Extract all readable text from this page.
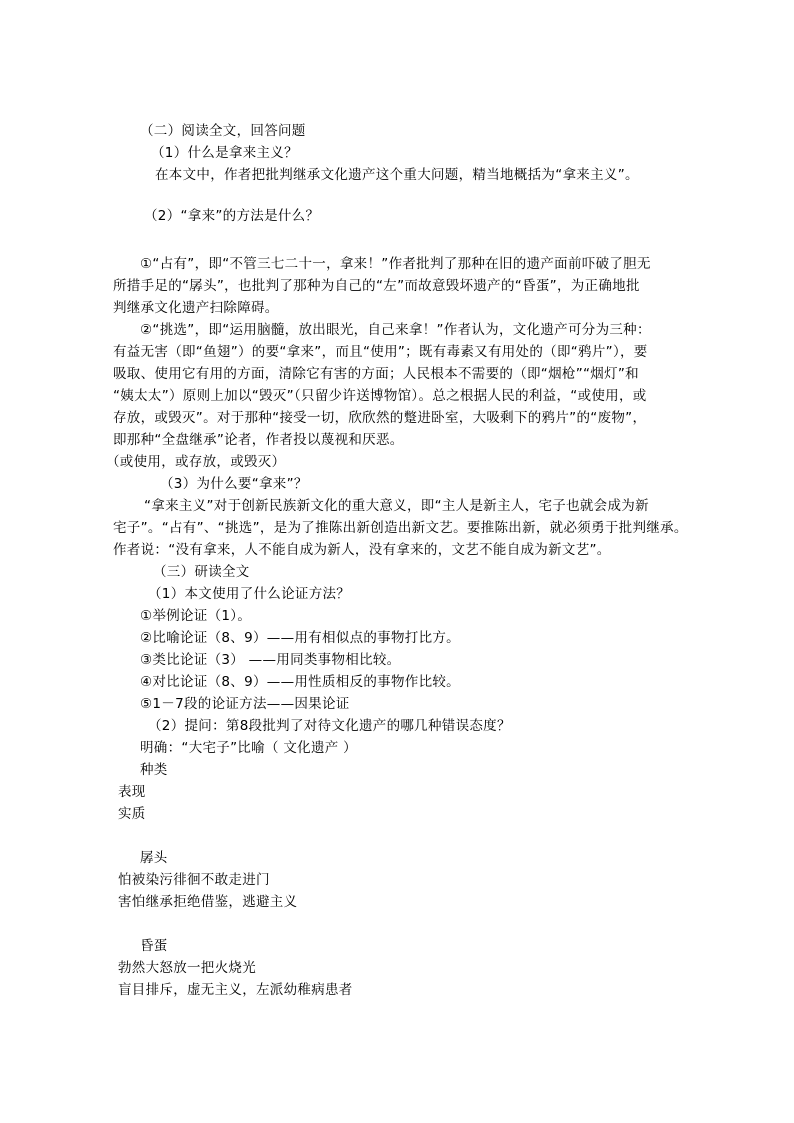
（二）阅读全文，回答问题
（1）什么是拿来主义？
在本文中，作者把批判继承文化遗产这个重大问题，精当地概括为“拿来主义”。
（2）“拿来”的方法是什么？
①“占有”，即“不管三七二十一，拿来！”作者批判了那种在旧的遗产面前吓破了胆无
所措手足的“孱头”，也批判了那种为自己的“左”而故意毁坏遗产的“昏蛋”，为正确地批
判继承文化遗产扫除障碍。
②“挑选”，即“运用脑髓，放出眼光，自己来拿！”作者认为，文化遗产可分为三种：
有益无害（即“鱼翅”）的要“拿来”，而且“使用”；既有毒素又有用处的（即“鸦片”），要
吸取、使用它有用的方面，清除它有害的方面；人民根本不需要的（即“烟枪”“烟灯”和
“姨太太”）原则上加以“毁灭”（只留少许送博物馆）。总之根据人民的利益，“或使用，或
存放，或毁灭”。对于那种“接受一切，欣欣然的蹩进卧室，大吸剩下的鸦片”的“废物”，
即那种“全盘继承”论者，作者投以蔑视和厌恶。
（或使用，或存放，或毁灭）
（3）为什么要“拿来”？
“拿来主义”对于创新民族新文化的重大意义，即“主人是新主人，宅子也就会成为新
宅子”。“占有”、“挑选”，是为了推陈出新创造出新文艺。要推陈出新，就必须勇于批判继承。
作者说：“没有拿来，人不能自成为新人，没有拿来的，文艺不能自成为新文艺”。
（三）研读全文
（1）本文使用了什么论证方法？
①举例论证（1）。
②比喻论证（8、9）——用有相似点的事物打比方。
③类比论证（3） ——用同类事物相比较。
④对比论证（8、9）——用性质相反的事物作比较。
⑤1－7段的论证方法——因果论证
（2）提问：第8段批判了对待文化遗产的哪几种错误态度？
明确：“大宅子”比喻（ 文化遗产 ）
种类
表现
实质
孱头
怕被染污徘徊不敢走进门
害怕继承拒绝借鉴，逃避主义
昏蛋
勃然大怒放一把火烧光
盲目排斥，虚无主义，左派幼稚病患者
